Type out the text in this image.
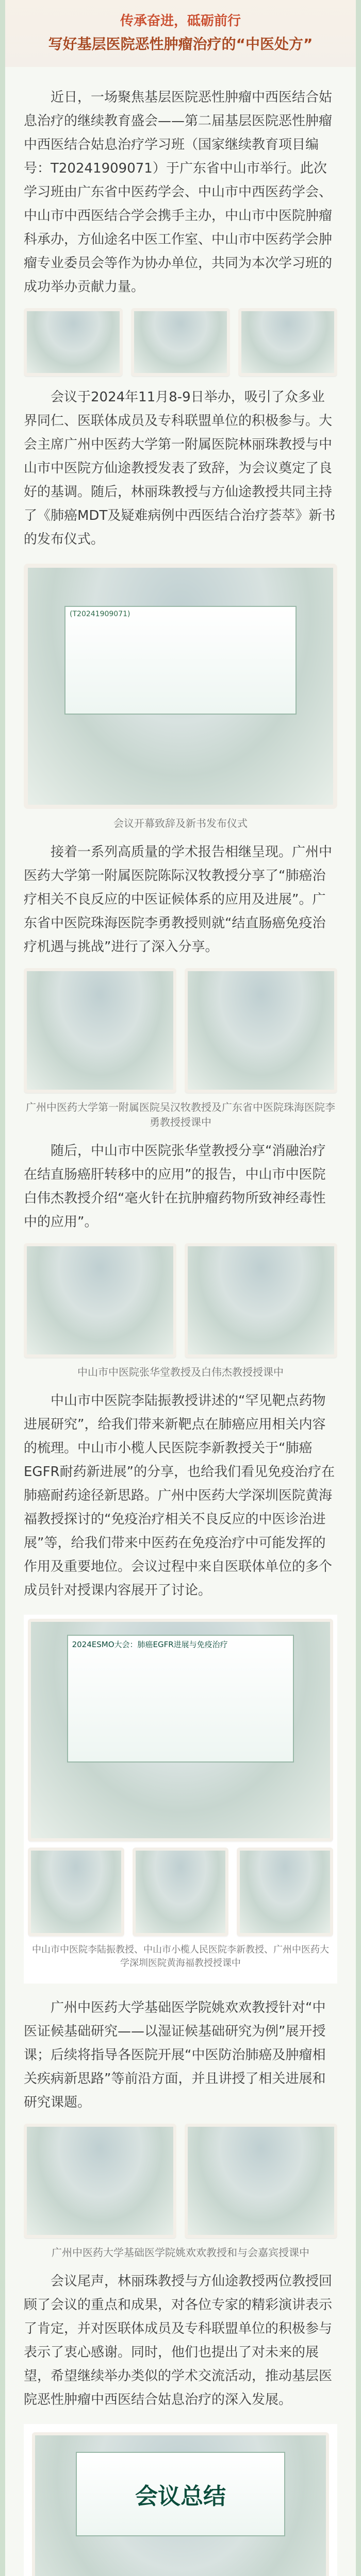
传承奋进，砥砺前行
写好基层医院恶性肿瘤治疗的“中医处方”

近日，一场聚焦基层医院恶性肿瘤中西医结合姑息治疗的继续教育盛会——第二届基层医院恶性肿瘤中西医结合姑息治疗学习班（国家继续教育项目编号：T20241909071）于广东省中山市举行。此次学习班由广东省中医药学会、中山市中西医药学会、中山市中西医结合学会携手主办，中山市中医院肿瘤科承办，方仙途名中医工作室、中山市中医药学会肿瘤专业委员会等作为协办单位，共同为本次学习班的成功举办贡献力量。

会议于2024年11月8-9日举办，吸引了众多业界同仁、医联体成员及专科联盟单位的积极参与。大会主席广州中医药大学第一附属医院林丽珠教授与中山市中医院方仙途教授发表了致辞，为会议奠定了良好的基调。随后，林丽珠教授与方仙途教授共同主持了《肺癌MDT及疑难病例中西医结合治疗荟萃》新书的发布仪式。

(T20241909071)
会议开幕致辞及新书发布仪式

接着一系列高质量的学术报告相继呈现。广州中医药大学第一附属医院陈际汉牧教授分享了“肺癌治疗相关不良反应的中医证候体系的应用及进展”。广东省中医院珠海医院李勇教授则就“结直肠癌免疫治疗机遇与挑战”进行了深入分享。

广州中医药大学第一附属医院吴汉牧教授及广东省中医院珠海医院李勇教授授课中

随后，中山市中医院张华堂教授分享“消融治疗在结直肠癌肝转移中的应用”的报告，中山市中医院白伟杰教授介绍“毫火针在抗肿瘤药物所致神经毒性中的应用”。

中山市中医院张华堂教授及白伟杰教授授课中

中山市中医院李陆振教授讲述的“罕见靶点药物进展研究”，给我们带来新靶点在肺癌应用相关内容的梳理。中山市小榄人民医院李新教授关于“肺癌EGFR耐药新进展”的分享，也给我们看见免疫治疗在肺癌耐药途径新思路。广州中医药大学深圳医院黄海福教授探讨的“免疫治疗相关不良反应的中医诊治进展”等，给我们带来中医药在免疫治疗中可能发挥的作用及重要地位。会议过程中来自医联体单位的多个成员针对授课内容展开了讨论。

2024ESMO大会：肺癌EGFR进展与免疫治疗
中山市中医院李陆振教授、中山市小榄人民医院李新教授、广州中医药大学深圳医院黄海福教授授课中

广州中医药大学基础医学院姚欢欢教授针对“中医证候基础研究——以湿证候基础研究为例”展开授课；后续将指导各医院开展“中医防治肺癌及肿瘤相关疾病新思路”等前沿方面，并且讲授了相关进展和研究课题。

广州中医药大学基础医学院姚欢欢教授和与会嘉宾授课中

会议尾声，林丽珠教授与方仙途教授两位教授回顾了会议的重点和成果，对各位专家的精彩演讲表示了肯定，并对医联体成员及专科联盟单位的积极参与表示了衷心感谢。同时，他们也提出了对未来的展望，希望继续举办类似的学术交流活动，推动基层医院恶性肿瘤中西医结合姑息治疗的深入发展。

会议总结
